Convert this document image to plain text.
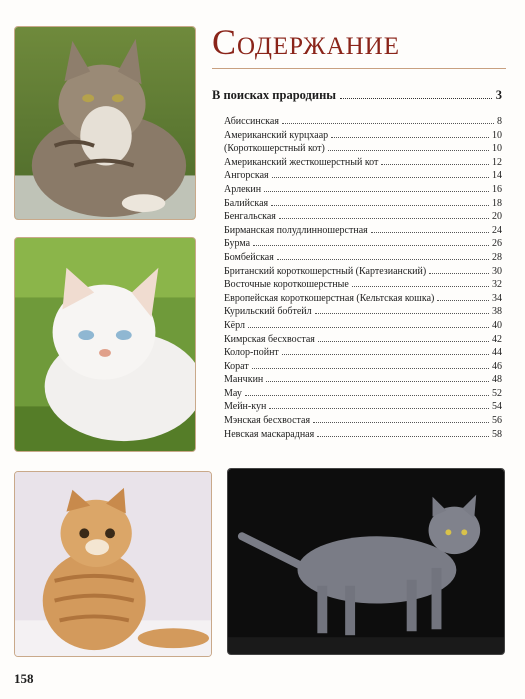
Содержание
В поисках прародины	3
Абиссинская	8
Американский курцхаар	10
(Короткошерстный кот)	10
Американский жесткошерстный кот	12
Ангорская	14
Арлекин	16
Балийская	18
Бенгальская	20
Бирманская полудлинношерстная	24
Бурма	26
Бомбейская	28
Британский короткошерстный (Картезианский)	30
Восточные короткошерстные	32
Европейская короткошерстная (Кельтская кошка)	34
Курильский бобтейл	38
Кёрл	40
Кимрская бесхвостая	42
Колор-пойнт	44
Корат	46
Манчкин	48
Мау	52
Мейн-кун	54
Мэнская бесхвостая	56
Невская маскарадная	58
158
